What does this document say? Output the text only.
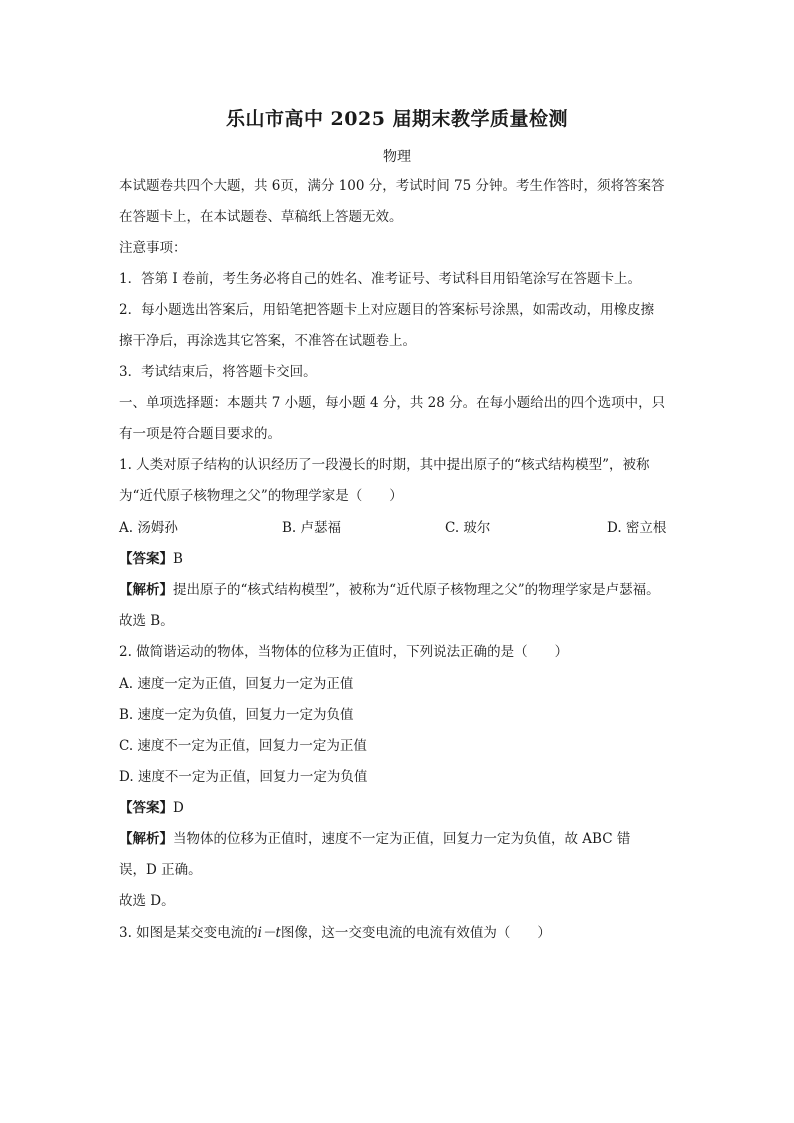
乐山市高中 2025 届期末教学质量检测
物理
本试题卷共四个大题，共 6页，满分 100 分，考试时间 75 分钟。考生作答时，须将答案答
在答题卡上，在本试题卷、草稿纸上答题无效。
注意事项：
1．答第 I 卷前，考生务必将自己的姓名、准考证号、考试科目用铅笔涂写在答题卡上。
2．每小题选出答案后，用铅笔把答题卡上对应题目的答案标号涂黑，如需改动，用橡皮擦
擦干净后，再涂选其它答案，不准答在试题卷上。
3．考试结束后，将答题卡交回。
一、单项选择题：本题共 7 小题，每小题 4 分，共 28 分。在每小题给出的四个选项中，只
有一项是符合题目要求的。
1. 人类对原子结构的认识经历了一段漫长的时期，其中提出原子的“核式结构模型”，被称
为“近代原子核物理之父”的物理学家是（　　）
A. 汤姆孙	B. 卢瑟福	C. 玻尔	D. 密立根
【答案】B
【解析】提出原子的“核式结构模型”，被称为“近代原子核物理之父”的物理学家是卢瑟福。
故选 B。
2. 做简谐运动的物体，当物体的位移为正值时，下列说法正确的是（　　）
A. 速度一定为正值，回复力一定为正值
B. 速度一定为负值，回复力一定为负值
C. 速度不一定为正值，回复力一定为正值
D. 速度不一定为正值，回复力一定为负值
【答案】D
【解析】当物体的位移为正值时，速度不一定为正值，回复力一定为负值，故 ABC 错
误，D 正确。
故选 D。
3. 如图是某交变电流的i－t图像，这一交变电流的电流有效值为（　　）
